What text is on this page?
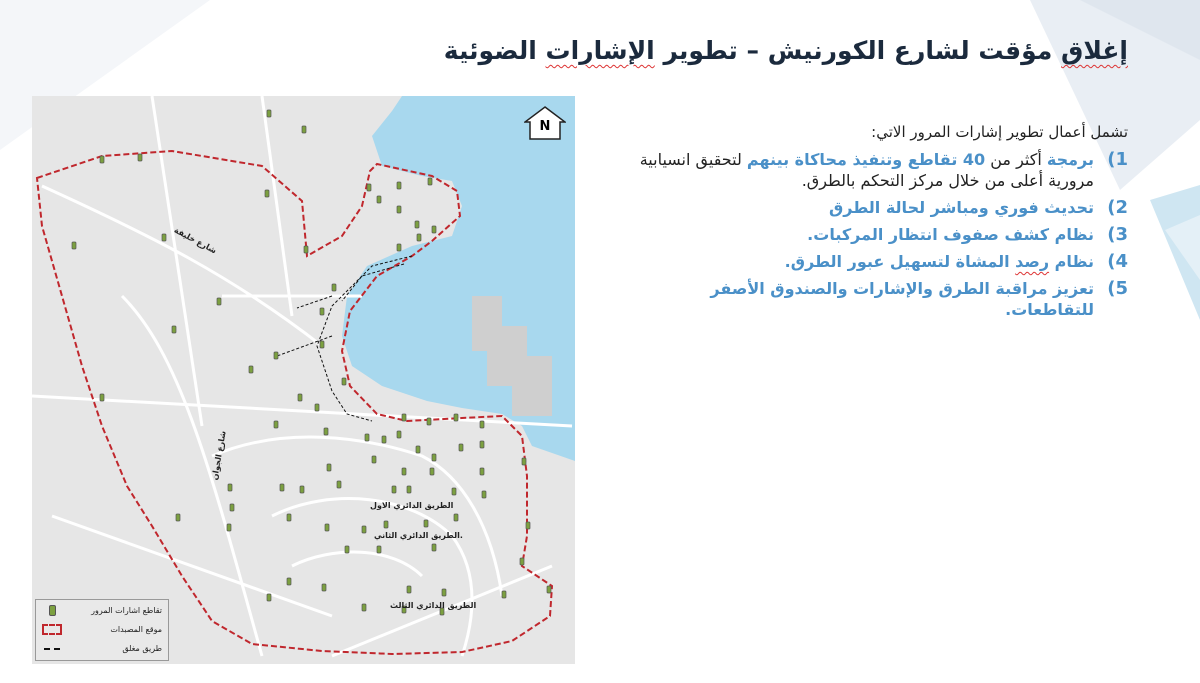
إغلاق مؤقت لشارع الكورنيش – تطوير الإشارات الضوئية
N
شارع خليفة
شارع الجوان
الطريق الدائري الاول
.الطريق الدائري الثاني
الطريق الدائري الثالث
تقاطع اشارات المرور
موقع المصبدات
طريق مغلق

تشمل أعمال تطوير إشارات المرور الاتي:

1)
برمجة أكثر من 40 تقاطع وتنفيذ محاكاة بينهم لتحقيق انسيابية مرورية أعلى من خلال مركز التحكم بالطرق.
2)
تحديث فوري ومباشر لحالة الطرق
3)
نظام كشف صفوف انتظار المركبات.
4)
نظام رصد المشاة لتسهيل عبور الطرق.
5)
تعزيز مراقبة الطرق والإشارات والصندوق الأصفر للتقاطعات.
